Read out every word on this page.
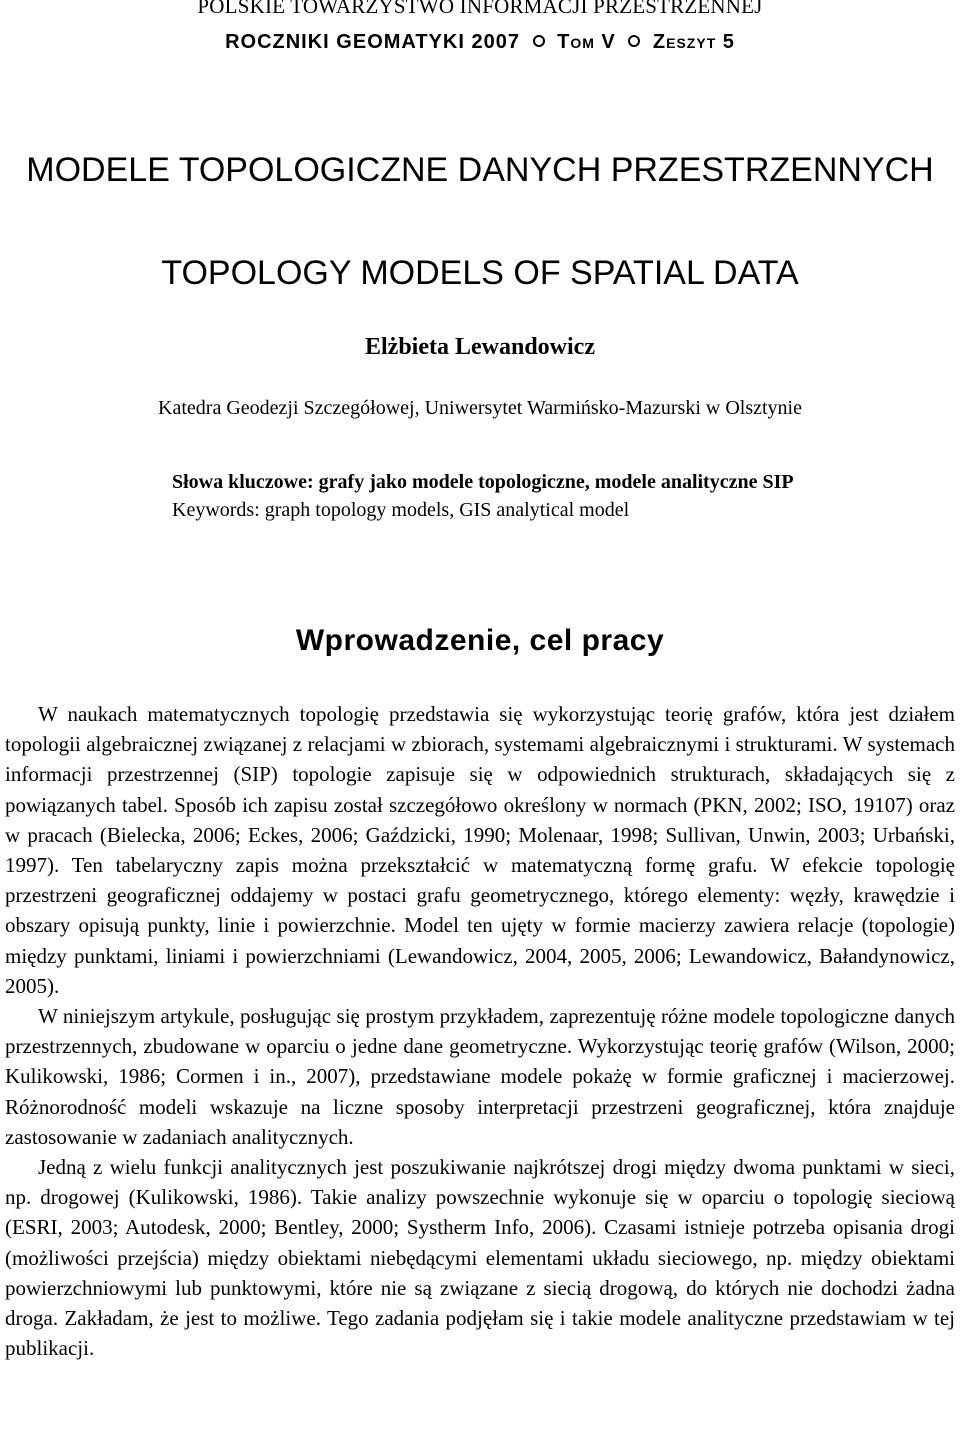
POLSKIE TOWARZYSTWO INFORMACJI PRZESTRZENNEJ
ROCZNIKI GEOMATYKI 2007 Tom V Zeszyt 5
MODELE TOPOLOGICZNE DANYCH PRZESTRZENNYCH
TOPOLOGY MODELS OF SPATIAL DATA
Elżbieta Lewandowicz
Katedra Geodezji Szczegółowej, Uniwersytet Warmińsko-Mazurski w Olsztynie
Słowa kluczowe: grafy jako modele topologiczne, modele analityczne SIP
Keywords: graph topology models, GIS analytical model
Wprowadzenie, cel pracy

W naukach matematycznych topologię przedstawia się wykorzystując teorię grafów, która jest działem topologii algebraicznej związanej z relacjami w zbiorach, systemami algebraicznymi i strukturami. W systemach informacji przestrzennej (SIP) topologie zapisuje się w odpowiednich strukturach, składających się z powiązanych tabel. Sposób ich zapisu został szczegółowo określony w normach (PKN, 2002; ISO, 19107) oraz w pracach (Bielecka, 2006; Eckes, 2006; Gaździcki, 1990; Molenaar, 1998; Sullivan, Unwin, 2003; Urbański, 1997). Ten tabelaryczny zapis można przekształcić w matematyczną formę grafu. W efekcie topologię przestrzeni geograficznej oddajemy w postaci grafu geometrycznego, którego elementy: węzły, krawędzie i obszary opisują punkty, linie i powierzchnie. Model ten ujęty w formie macierzy zawiera relacje (topologie) między punktami, liniami i powierzchniami (Lewandowicz, 2004, 2005, 2006; Lewandowicz, Bałandynowicz, 2005).

W niniejszym artykule, posługując się prostym przykładem, zaprezentuję różne modele topologiczne danych przestrzennych, zbudowane w oparciu o jedne dane geometryczne. Wykorzystując teorię grafów (Wilson, 2000; Kulikowski, 1986; Cormen i in., 2007), przedstawiane modele pokażę w formie graficznej i macierzowej. Różnorodność modeli wskazuje na liczne sposoby interpretacji przestrzeni geograficznej, która znajduje zastosowanie w zadaniach analitycznych.

Jedną z wielu funkcji analitycznych jest poszukiwanie najkrótszej drogi między dwoma punktami w sieci, np. drogowej (Kulikowski, 1986). Takie analizy powszechnie wykonuje się w oparciu o topologię sieciową (ESRI, 2003; Autodesk, 2000; Bentley, 2000; Systherm Info, 2006). Czasami istnieje potrzeba opisania drogi (możliwości przejścia) między obiektami niebędącymi elementami układu sieciowego, np. między obiektami powierzchniowymi lub punktowymi, które nie są związane z siecią drogową, do których nie dochodzi żadna droga. Zakładam, że jest to możliwe. Tego zadania podjęłam się i takie modele analityczne przedstawiam w tej publikacji.
